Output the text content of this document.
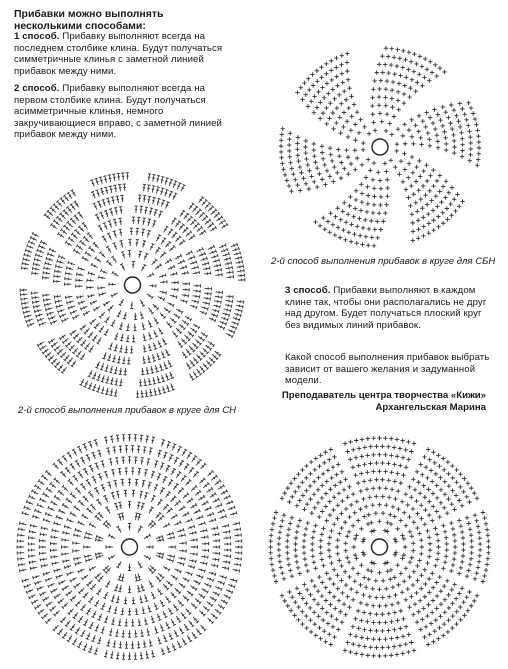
Прибавки можно выполнять несколькими способами:
1 способ. Прибавку выполняют всегда на последнем столбике клина. Будут получаться симметричные клинья с заметной линией прибавок между ними.
2 способ. Прибавку выполняют всегда на первом столбике клина. Будут получаться асимметричные клинья, немного закручивающиеся вправо, с заметной линией прибавок между ними.
2-й способ выполнения прибавок в круге для СБН
3 способ. Прибавки выполняют в каждом клине так, чтобы они располагались не друг над другом. Будет получаться плоский круг без видимых линий прибавок.
Какой способ выполнения прибавок выбрать зависит от вашего желания и задуманной модели.
Преподаватель центра творчества «Кижи»
Архангельская Марина
2-й способ выполнения прибавок в круге для СН
